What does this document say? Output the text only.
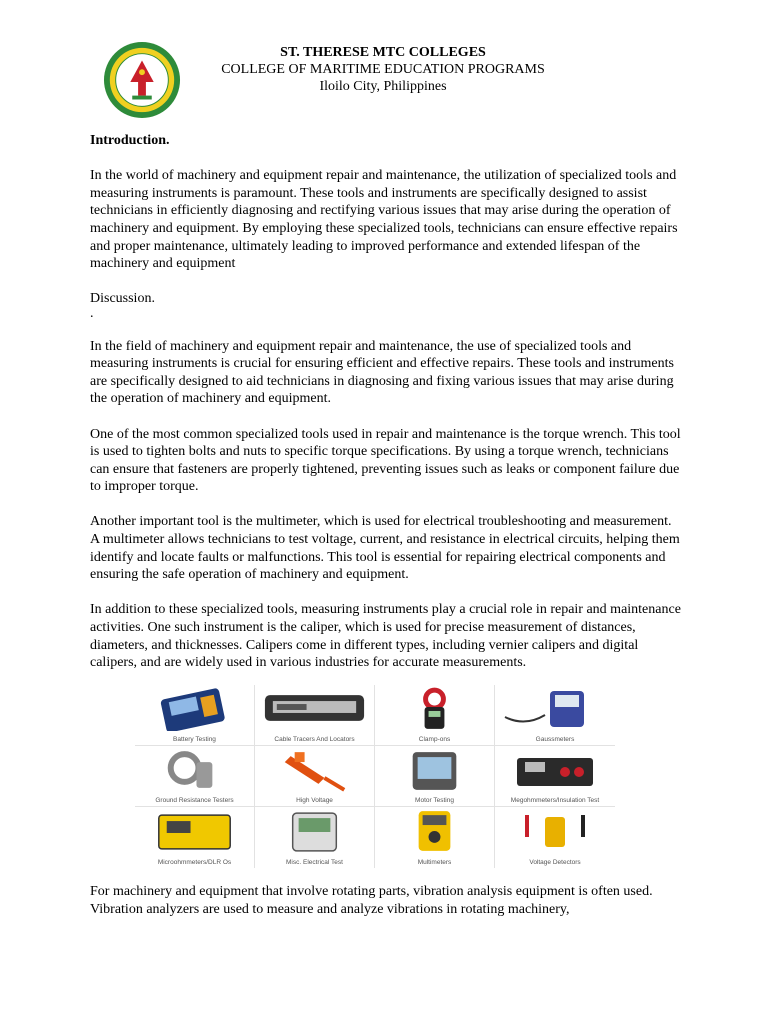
ST. THERESE MTC COLLEGES
COLLEGE OF MARITIME EDUCATION PROGRAMS
Iloilo City, Philippines
Introduction.

In the world of machinery and equipment repair and maintenance, the utilization of specialized tools and measuring instruments is paramount. These tools and instruments are specifically designed to assist technicians in efficiently diagnosing and rectifying various issues that may arise during the operation of machinery and equipment. By employing these specialized tools, technicians can ensure effective repairs and proper maintenance, ultimately leading to improved performance and extended lifespan of the machinery and equipment

Discussion.

.

In the field of machinery and equipment repair and maintenance, the use of specialized tools and measuring instruments is crucial for ensuring efficient and effective repairs. These tools and instruments are specifically designed to aid technicians in diagnosing and fixing various issues that may arise during the operation of machinery and equipment.

One of the most common specialized tools used in repair and maintenance is the torque wrench. This tool is used to tighten bolts and nuts to specific torque specifications. By using a torque wrench, technicians can ensure that fasteners are properly tightened, preventing issues such as leaks or component failure due to improper torque.

Another important tool is the multimeter, which is used for electrical troubleshooting and measurement. A multimeter allows technicians to test voltage, current, and resistance in electrical circuits, helping them identify and locate faults or malfunctions. This tool is essential for repairing electrical components and ensuring the safe operation of machinery and equipment.

In addition to these specialized tools, measuring instruments play a crucial role in repair and maintenance activities. One such instrument is the caliper, which is used for precise measurement of distances, diameters, and thicknesses. Calipers come in different types, including vernier calipers and digital calipers, and are widely used in various industries for accurate measurements.

Battery Testing	Cable Tracers And Locators	Clamp-ons	Gaussmeters
Ground Resistance Testers	High Voltage	Motor Testing	Megohmmeters/Insulation Test
Microohmmeters/DLR Os	Misc. Electrical Test	Multimeters	Voltage Detectors

For machinery and equipment that involve rotating parts, vibration analysis equipment is often used. Vibration analyzers are used to measure and analyze vibrations in rotating machinery,
